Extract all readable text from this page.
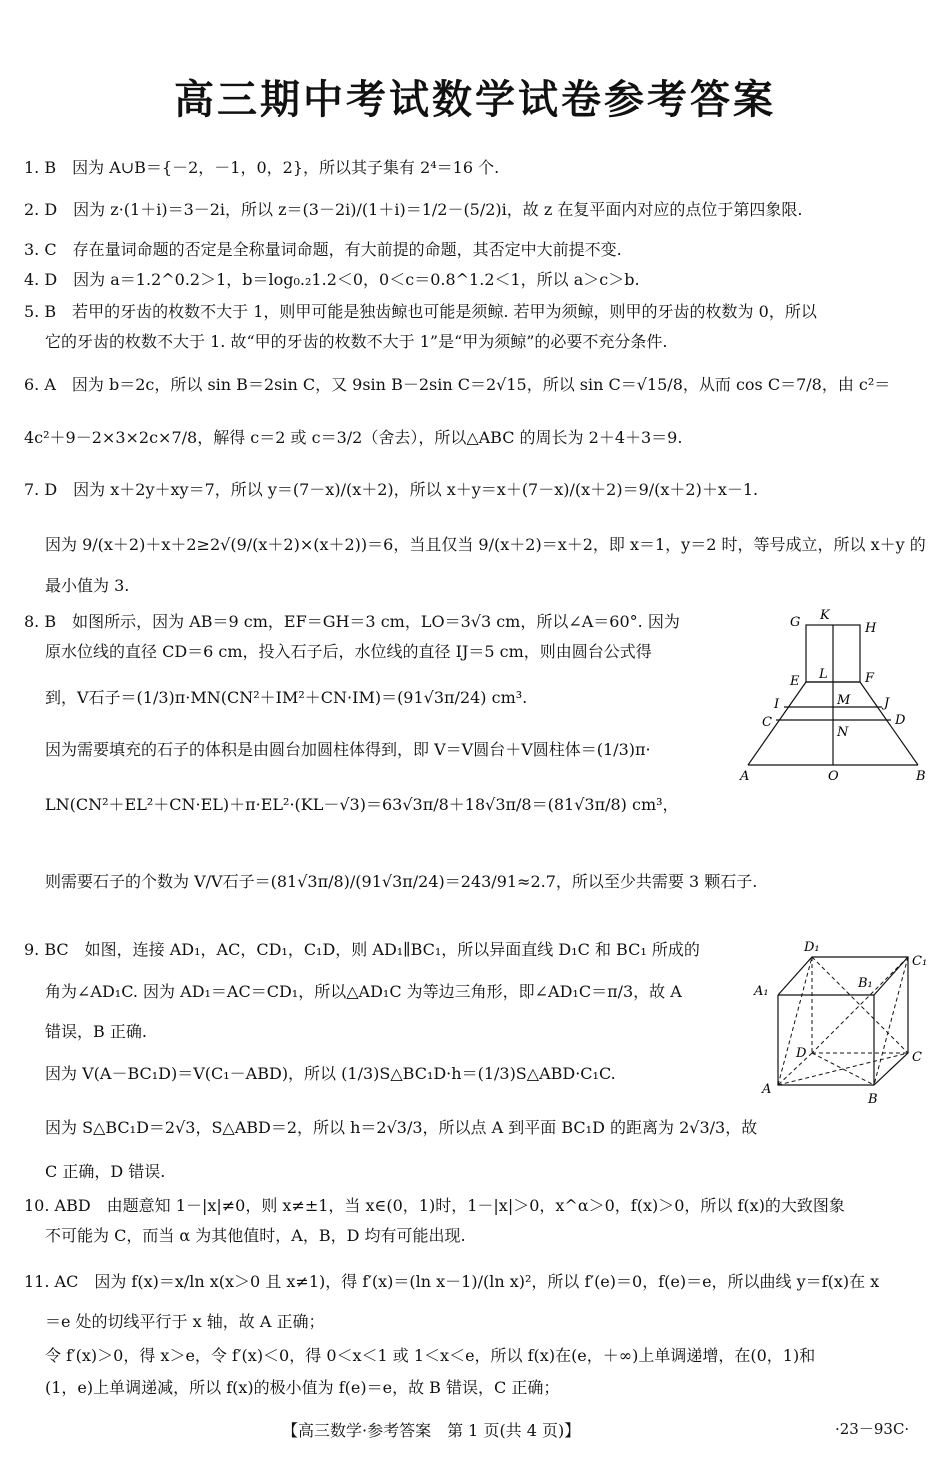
高三期中考试数学试卷参考答案
1. B　因为 A∪B＝{－2，－1，0，2}，所以其子集有 2⁴＝16 个.
2. D　因为 z·(1＋i)＝3－2i，所以 z＝(3－2i)/(1＋i)＝1/2－(5/2)i，故 z 在复平面内对应的点位于第四象限.
3. C　存在量词命题的否定是全称量词命题，有大前提的命题，其否定中大前提不变.
4. D　因为 a＝1.2^0.2＞1，b＝log₀.₂1.2＜0，0＜c＝0.8^1.2＜1，所以 a＞c＞b.
5. B　若甲的牙齿的枚数不大于 1，则甲可能是独齿鲸也可能是须鲸. 若甲为须鲸，则甲的牙齿的枚数为 0，所以
它的牙齿的枚数不大于 1. 故“甲的牙齿的枚数不大于 1”是“甲为须鲸”的必要不充分条件.
6. A　因为 b＝2c，所以 sin B＝2sin C，又 9sin B－2sin C＝2√15，所以 sin C＝√15/8，从而 cos C＝7/8，由 c²＝
4c²＋9－2×3×2c×7/8，解得 c＝2 或 c＝3/2（舍去），所以△ABC 的周长为 2＋4＋3＝9.
7. D　因为 x＋2y＋xy＝7，所以 y＝(7－x)/(x＋2)，所以 x＋y＝x＋(7－x)/(x＋2)＝9/(x＋2)＋x－1.
因为 9/(x＋2)＋x＋2≥2√(9/(x＋2)×(x＋2))＝6，当且仅当 9/(x＋2)＝x＋2，即 x＝1，y＝2 时，等号成立，所以 x＋y 的
最小值为 3.
8. B　如图所示，因为 AB＝9 cm，EF＝GH＝3 cm，LO＝3√3 cm，所以∠A＝60°. 因为
原水位线的直径 CD＝6 cm，投入石子后，水位线的直径 IJ＝5 cm，则由圆台公式得
到，V石子＝(1/3)π·MN(CN²＋IM²＋CN·IM)＝(91√3π/24) cm³.
因为需要填充的石子的体积是由圆台加圆柱体得到，即 V＝V圆台＋V圆柱体＝(1/3)π·
LN(CN²＋EL²＋CN·EL)＋π·EL²·(KL－√3)＝63√3π/8＋18√3π/8＝(81√3π/8) cm³，
则需要石子的个数为 V/V石子＝(81√3π/8)/(91√3π/24)＝243/91≈2.7，所以至少共需要 3 颗石子.
9. BC　如图，连接 AD₁，AC，CD₁，C₁D，则 AD₁∥BC₁，所以异面直线 D₁C 和 BC₁ 所成的
角为∠AD₁C. 因为 AD₁＝AC＝CD₁，所以△AD₁C 为等边三角形，即∠AD₁C＝π/3，故 A
错误，B 正确.
因为 V(A－BC₁D)＝V(C₁－ABD)，所以 (1/3)S△BC₁D·h＝(1/3)S△ABD·C₁C.
因为 S△BC₁D＝2√3，S△ABD＝2，所以 h＝2√3/3，所以点 A 到平面 BC₁D 的距离为 2√3/3，故
C 正确，D 错误.
10. ABD　由题意知 1－|x|≠0，则 x≠±1，当 x∈(0，1)时，1－|x|＞0，x^α＞0，f(x)＞0，所以 f(x)的大致图象
不可能为 C，而当 α 为其他值时，A，B，D 均有可能出现.
11. AC　因为 f(x)＝x/ln x(x＞0 且 x≠1)，得 f′(x)＝(ln x－1)/(ln x)²，所以 f′(e)＝0，f(e)＝e，所以曲线 y＝f(x)在 x
＝e 处的切线平行于 x 轴，故 A 正确；
令 f′(x)＞0，得 x＞e，令 f′(x)＜0，得 0＜x＜1 或 1＜x＜e，所以 f(x)在(e，＋∞)上单调递增，在(0，1)和
(1，e)上单调递减，所以 f(x)的极小值为 f(e)＝e，故 B 错误，C 正确；
G K
H
E L	F
I	M	J
C	D
N
A	O	B
D₁
C₁
A₁
B₁
D	C
A
B
【高三数学·参考答案　第 1 页(共 4 页)】	·23－93C·
